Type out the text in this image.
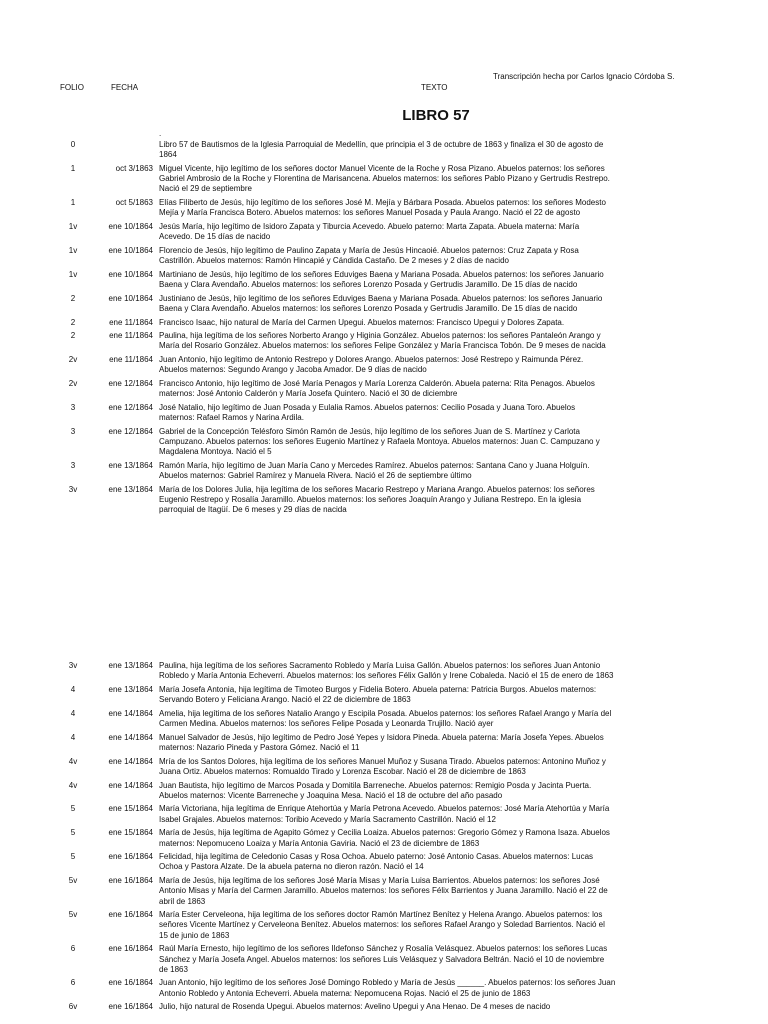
Transcripción hecha por Carlos Ignacio Córdoba S.
FOLIO	FECHA	TEXTO
LIBRO 57
.
0	Libro 57 de Bautismos de la Iglesia Parroquial de Medellín, que principia el 3 de octubre de 1863 y finaliza el 30 de agosto de
1864
1	oct 3/1863 Miguel Vicente, hijo legítimo de los señores doctor Manuel Vicente de la Roche y Rosa Pizano. Abuelos paternos: los señores
Gabriel Ambrosio de la Roche y Florentina de Marisancena. Abuelos maternos: los señores Pablo Pizano y Gertrudis Restrepo.
Nació el 29 de septiembre
1	oct 5/1863 Elías Filiberto de Jesús, hijo legítimo de los señores José M. Mejía y Bárbara Posada. Abuelos paternos: los señores Modesto
Mejía y María Francisca Botero. Abuelos maternos: los señores Manuel Posada y Paula Arango. Nació el 22 de agosto
1v	ene 10/1864 Jesús María, hijo legítimo de Isidoro Zapata y Tiburcia Acevedo. Abuelo paterno: Marta Zapata. Abuela materna: María
Acevedo. De 15 días de nacido
1v	ene 10/1864 Florencio de Jesús, hijo legítimo de Paulino Zapata y María de Jesús Hincaoié. Abuelos paternos: Cruz Zapata y Rosa
Castrillón. Abuelos maternos: Ramón Hincapié y Cándida Castaño. De 2 meses y 2 días de nacido
1v	ene 10/1864 Martiniano de Jesús, hijo legítimo de los señores Eduviges Baena y Mariana Posada. Abuelos paternos: los señores Januario
Baena y Clara Avendaño. Abuelos maternos: los señores Lorenzo Posada y Gertrudis Jaramillo. De 15 días de nacido
2	ene 10/1864 Justiniano de Jesús, hijo legítimo de los señores Eduviges Baena y Mariana Posada. Abuelos paternos: los señores Januario
Baena y Clara Avendaño. Abuelos maternos: los señores Lorenzo Posada y Gertrudis Jaramillo. De 15 días de nacido
2	ene 11/1864 Francisco Isaac, hijo natural de María del Carmen Upegui. Abuelos maternos: Francisco Upegui y Dolores Zapata.
2	ene 11/1864 Paulina, hija legítima de los señores Norberto Arango y Higinia González. Abuelos paternos: los señores Pantaleón Arango y
María del Rosario González. Abuelos maternos: los señores Felipe González y María Francisca Tobón. De 9 meses de nacida
2v	ene 11/1864 Juan Antonio, hijo legítimo de Antonio Restrepo y Dolores Arango. Abuelos paternos: José Restrepo y Raimunda Pérez.
Abuelos maternos: Segundo Arango y Jacoba Amador. De 9 días de nacido
2v	ene 12/1864 Francisco Antonio, hijo legítimo de José María Penagos y María Lorenza Calderón. Abuela paterna: Rita Penagos. Abuelos
maternos: José Antonio Calderón y María Josefa Quintero. Nació el 30 de diciembre
3	ene 12/1864 José Natalio, hijo legítimo de Juan Posada y Eulalia Ramos. Abuelos paternos: Cecilio Posada y Juana Toro. Abuelos
maternos: Rafael Ramos y Narina Ardila.
3	ene 12/1864 Gabriel de la Concepción Telésforo Simón Ramón de Jesús, hijo legítimo de los señores Juan de S. Martínez y Carlota
Campuzano. Abuelos paternos: los señores Eugenio Martínez y Rafaela Montoya. Abuelos maternos: Juan C. Campuzano y
Magdalena Montoya. Nació el 5
3	ene 13/1864 Ramón María, hijo legítimo de Juan María Cano y Mercedes Ramírez. Abuelos paternos: Santana Cano y Juana Holguín.
Abuelos maternos: Gabriel Ramírez y Manuela Rivera. Nació el 26 de septiembre último
3v	ene 13/1864 María de los Dolores Julia, hija legítima de los señores Macario Restrepo y Mariana Arango. Abuelos paternos: los señores
Eugenio Restrepo y Rosalía Jaramillo. Abuelos maternos: los señores Joaquín Arango y Juliana Restrepo. En la iglesia
parroquial de Itagüí. De 6 meses y 29 días de nacida
3v	ene 13/1864 Paulina, hija legítima de los señores Sacramento Robledo y María Luisa Gallón. Abuelos paternos: los señores Juan Antonio
Robledo y María Antonia Echeverri. Abuelos maternos: los señores Félix Gallón y Irene Cobaleda. Nació el 15 de enero de 1863
4	ene 13/1864 María Josefa Antonia, hija legítima de Timoteo Burgos y Fidelia Botero. Abuela paterna: Patricia Burgos. Abuelos maternos:
Servando Botero y Feliciana Arango. Nació el 22 de diciembre de 1863
4	ene 14/1864 Amelia, hija legítima de los señores Natalio Arango y Escipila Posada. Abuelos paternos: los señores Rafael Arango y María del
Carmen Medina. Abuelos maternos: los señores Felipe Posada y Leonarda Trujillo. Nació ayer
4	ene 14/1864 Manuel Salvador de Jesús, hijo legítimo de Pedro José Yepes y Isidora Pineda. Abuela paterna: María Josefa Yepes. Abuelos
maternos: Nazario Pineda y Pastora Gómez. Nació el 11
4v	ene 14/1864 Mría de los Santos Dolores, hija legítima de los señores Manuel Muñoz y Susana Tirado. Abuelos paternos: Antonino Muñoz y
Juana Ortiz. Abuelos maternos: Romualdo Tirado y Lorenza Escobar. Nació el 28 de diciembre de 1863
4v	ene 14/1864 Juan Bautista, hijo legítimo de Marcos Posada y Domitila Barreneche. Abuelos paternos: Remigio Posda y Jacinta Puerta.
Abuelos maternos: Vicente Barreneche y Joaquina Mesa. Nació el 18 de octubre del año pasado
5	ene 15/1864 María Victoriana, hija legítima de Enrique Atehortúa y María Petrona Acevedo. Abuelos paternos: José María Atehortúa y María
Isabel Grajales. Abuelos maternos: Toribio Acevedo y María Sacramento Castrillón. Nació el 12
5	ene 15/1864 María de Jesús, hija legítima de Agapito Gómez y Cecilia Loaiza. Abuelos paternos: Gregorio Gómez y Ramona Isaza. Abuelos
maternos: Nepomuceno Loaiza y María Antonia Gaviria. Nació el 23 de diciembre de 1863
5	ene 16/1864 Felicidad, hija legítima de Celedonio Casas y Rosa Ochoa. Abuelo paterno: José Antonio Casas. Abuelos maternos: Lucas
Ochoa y Pastora Alzate. De la abuela paterna no dieron razón. Nació el 14
5v	ene 16/1864 María de Jesús, hija legítima de los señores José María Misas y María Luisa Barrientos. Abuelos paternos: los señores José
Antonio Misas y María del Carmen Jaramillo. Abuelos maternos: los señores Félix Barrientos y Juana Jaramillo. Nació el 22 de
abril de 1863
5v	ene 16/1864 María Ester Cerveleona, hija legítima de los señores doctor Ramón Martínez Benítez y Helena Arango. Abuelos paternos: los
señores Vicente Martínez y Cerveleona Benítez. Abuelos maternos: los señores Rafael Arango y Soledad Barrientos. Nació el
15 de junio de 1863
6	ene 16/1864 Raúl María Ernesto, hijo legítimo de los señores Ildefonso Sánchez y Rosalía Velásquez. Abuelos paternos: los señores Lucas
Sánchez y María Josefa Angel. Abuelos maternos: los señores Luis Velásquez y Salvadora Beltrán. Nació el 10 de noviembre
de 1863
6	ene 16/1864 Juan Antonio, hijo legítimo de los señores José Domingo Robledo y María de Jesús ______. Abuelos paternos: los señores Juan
Antonio Robledo y Antonia Echeverri. Abuela materna: Nepomucena Rojas. Nació el 25 de junio de 1863
6v	ene 16/1864 Julio, hijo natural de Rosenda Upegui. Abuelos maternos: Avelino Upegui y Ana Henao. De 4 meses de nacido
